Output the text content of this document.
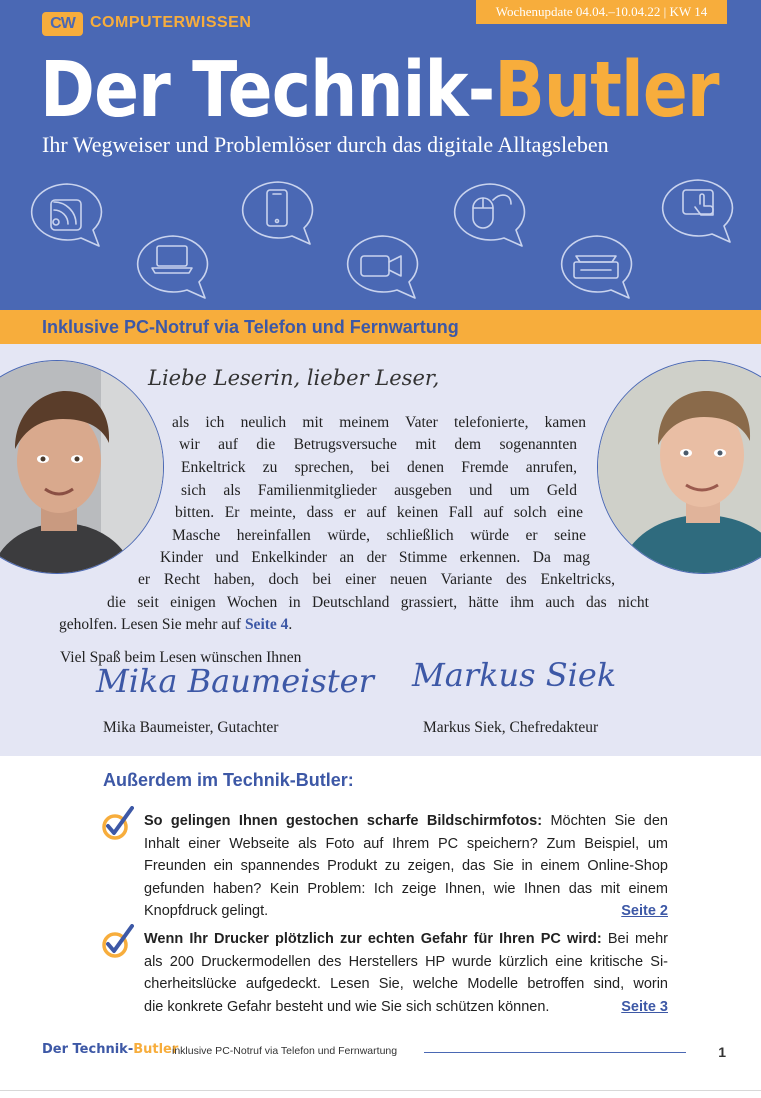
Wochenupdate 04.04.–10.04.22 | KW 14
CW COMPUTERWISSEN
Der Technik-Butler
Ihr Wegweiser und Problemlöser durch das digitale Alltagsleben
Inklusive PC-Notruf via Telefon und Fernwartung
Liebe Leserin, lieber Leser,
als ich neulich mit meinem Vater telefonierte, kamen
wir auf die Betrugsversuche mit dem sogenannten
Enkeltrick zu sprechen, bei denen Fremde anrufen,
sich als Familienmitglieder ausgeben und um Geld
bitten. Er meinte, dass er auf keinen Fall auf solch eine
Masche hereinfallen würde, schließlich würde er seine
Kinder und Enkelkinder an der Stimme erkennen. Da mag
er Recht haben, doch bei einer neuen Variante des Enkeltricks,
die seit einigen Wochen in Deutschland grassiert, hätte ihm auch das nicht
geholfen. Lesen Sie mehr auf Seite 4.
Viel Spaß beim Lesen wünschen Ihnen
Mika Baumeister Markus Siek
Mika Baumeister, Gutachter	Markus Siek, Chefredakteur
Außerdem im Technik-Butler:
So gelingen Ihnen gestochen scharfe Bildschirmfotos: Möchten Sie den
Inhalt einer Webseite als Foto auf Ihrem PC speichern? Zum Beispiel, um
Freunden ein spannendes Produkt zu zeigen, das Sie in einem Online-Shop
gefunden haben? Kein Problem: Ich zeige Ihnen, wie Ihnen das mit einem
Knopfdruck gelingt.	Seite 2
Wenn Ihr Drucker plötzlich zur echten Gefahr für Ihren PC wird: Bei mehr
als 200 Druckermodellen des Herstellers HP wurde kürzlich eine kritische Si-
cherheitslücke aufgedeckt. Lesen Sie, welche Modelle betroffen sind, worin
die konkrete Gefahr besteht und wie Sie sich schützen können.	Seite 3
Der Technik-Butler
inklusive PC-Notruf via Telefon und Fernwartung	1
